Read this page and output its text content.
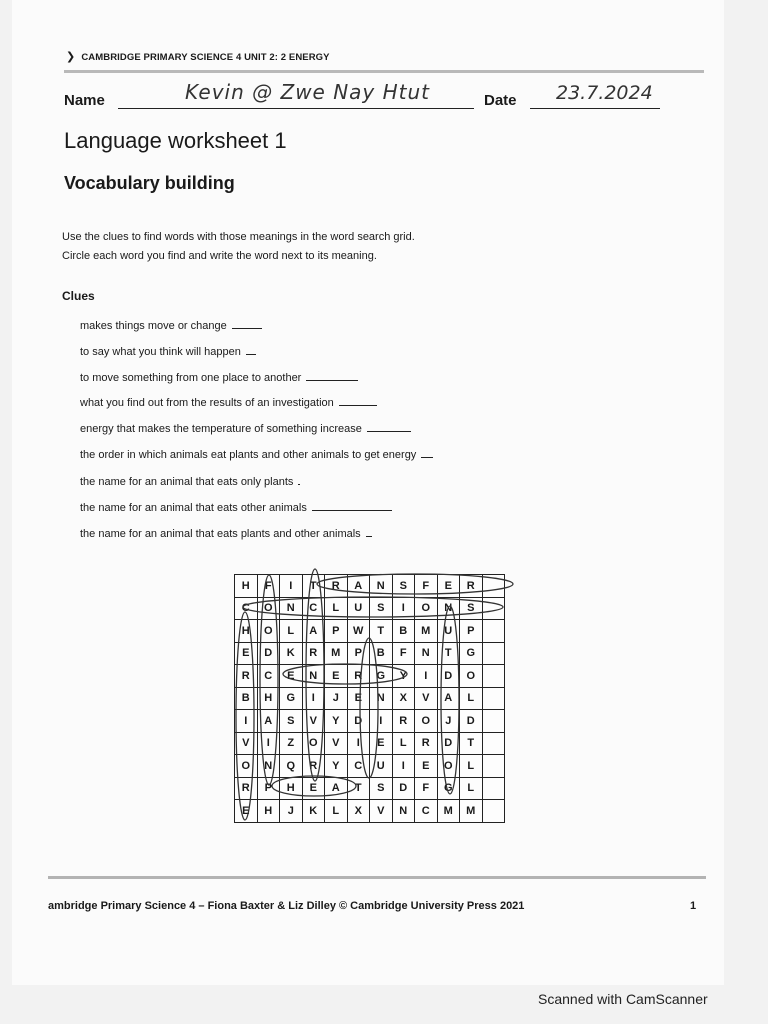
❯ CAMBRIDGE PRIMARY SCIENCE 4 UNIT 2: 2 ENERGY
Name	Kevin @ Zwe Nay Htut	Date 23.7.2024
Language worksheet 1
Vocabulary building
Use the clues to find words with those meanings in the word search grid.
Circle each word you find and write the word next to its meaning.
Clues
makes things move or change
to say what you think will happen
to move something from one place to another
what you find out from the results of an investigation
energy that makes the temperature of something increase
the order in which animals eat plants and other animals to get energy
the name for an animal that eats only plants
the name for an animal that eats other animals
the name for an animal that eats plants and other animals
H	F	I	T	R	A	N	S	F	E	R
C	O	N	C	L	U	S	I	O	N	S
H	O	L	A	P	W	T	B	M	U	P
E	D	K	R	M	P	B	F	N	T	G
R	C	E	N	E	R	G	Y	I	D	O
B	H	G	I	J	E	N	X	V	A	L
I	A	S	V	Y	D	I	R	O	J	D
V	I	Z	O	V	I	E	L	R	D	T
O	N	Q	R	Y	C	U	I	E	O	L
R	P	H	E	A	T	S	D	F	G	L
E	H	J	K	L	X	V	N	C	M	M
ambridge Primary Science 4 – Fiona Baxter & Liz Dilley © Cambridge University Press 2021	1
Scanned with CamScanner
